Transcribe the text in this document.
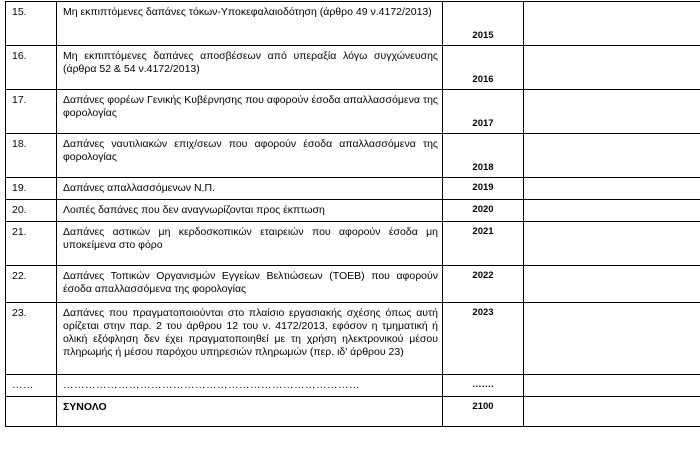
15.	Μη εκπιπτόμενες δαπάνες τόκων-Υποκεφαλαιοδότηση (άρθρο 49 ν.4172/2013)	2015	
16.	Μη εκπιπτόμενες δαπάνες αποσβέσεων από υπεραξία λόγω συγχώνευσης (άρθρα 52 & 54 ν.4172/2013)	2016	
17.	Δαπάνες φορέων Γενικής Κυβέρνησης που αφορούν έσοδα απαλλασσόμενα της φορολογίας	2017	
18.	Δαπάνες ναυτιλιακών επιχ/σεων που αφορούν έσοδα απαλλασσόμενα της φορολογίας	2018	
19.	Δαπάνες απαλλασσόμενων Ν.Π.	2019	
20.	Λοιπές δαπάνες που δεν αναγνωρίζονται προς έκπτωση	2020	
21.	Δαπάνες αστικών μη κερδοσκοπικών εταιρειών που αφορούν έσοδα μη υποκείμενα στο φόρο	2021	
22.	Δαπάνες Τοπικών Οργανισμών Εγγείων Βελτιώσεων (ΤΟΕΒ) που αφορούν έσοδα απαλλασσόμενα της φορολογίας	2022	
23.	Δαπάνες που πραγματοποιούνται στο πλαίσιο εργασιακής σχέσης όπως αυτή ορίζεται στην παρ. 2 του άρθρου 12 του ν. 4172/2013, εφόσον η τμηματική ή ολική εξόφληση δεν έχει πραγματοποιηθεί με τη χρήση ηλεκτρονικού μέσου πληρωμής ή μέσου παρόχου υπηρεσιών πληρωμών (περ. ιδ' άρθρου 23)	2023	
……	………………………………………………………………………	…….	
	ΣΥΝΟΛΟ	2100	
